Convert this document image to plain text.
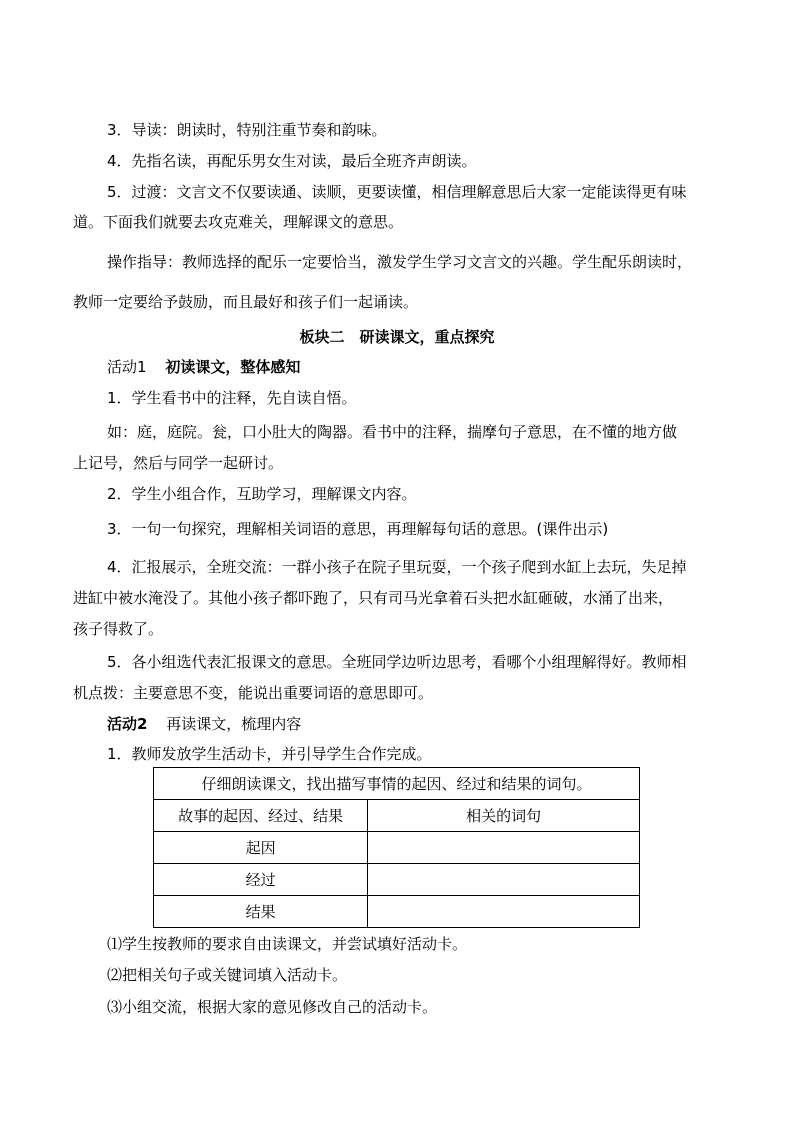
3．导读：朗读时，特别注重节奏和韵味。
4．先指名读，再配乐男女生对读，最后全班齐声朗读。
5．过渡：文言文不仅要读通、读顺，更要读懂，相信理解意思后大家一定能读得更有味
道。下面我们就要去攻克难关，理解课文的意思。
操作指导：教师选择的配乐一定要恰当，激发学生学习文言文的兴趣。学生配乐朗读时，
教师一定要给予鼓励，而且最好和孩子们一起诵读。
板块二　研读课文，重点探究
活动1 初读课文，整体感知
1．学生看书中的注释，先自读自悟。
如：庭，庭院。瓮，口小肚大的陶器。看书中的注释，揣摩句子意思，在不懂的地方做
上记号，然后与同学一起研讨。
2．学生小组合作，互助学习，理解课文内容。
3．一句一句探究，理解相关词语的意思，再理解每句话的意思。(课件出示)
4．汇报展示，全班交流：一群小孩子在院子里玩耍，一个孩子爬到水缸上去玩，失足掉
进缸中被水淹没了。其他小孩子都吓跑了，只有司马光拿着石头把水缸砸破，水涌了出来，
孩子得救了。
5．各小组选代表汇报课文的意思。全班同学边听边思考，看哪个小组理解得好。教师相
机点拨：主要意思不变，能说出重要词语的意思即可。
活动2 再读课文，梳理内容
1．教师发放学生活动卡，并引导学生合作完成。
仔细朗读课文，找出描写事情的起因、经过和结果的词句。	
故事的起因、经过、结果	相关的词句
起因	
经过	
结果	
⑴学生按教师的要求自由读课文，并尝试填好活动卡。
⑵把相关句子或关键词填入活动卡。
⑶小组交流，根据大家的意见修改自己的活动卡。
